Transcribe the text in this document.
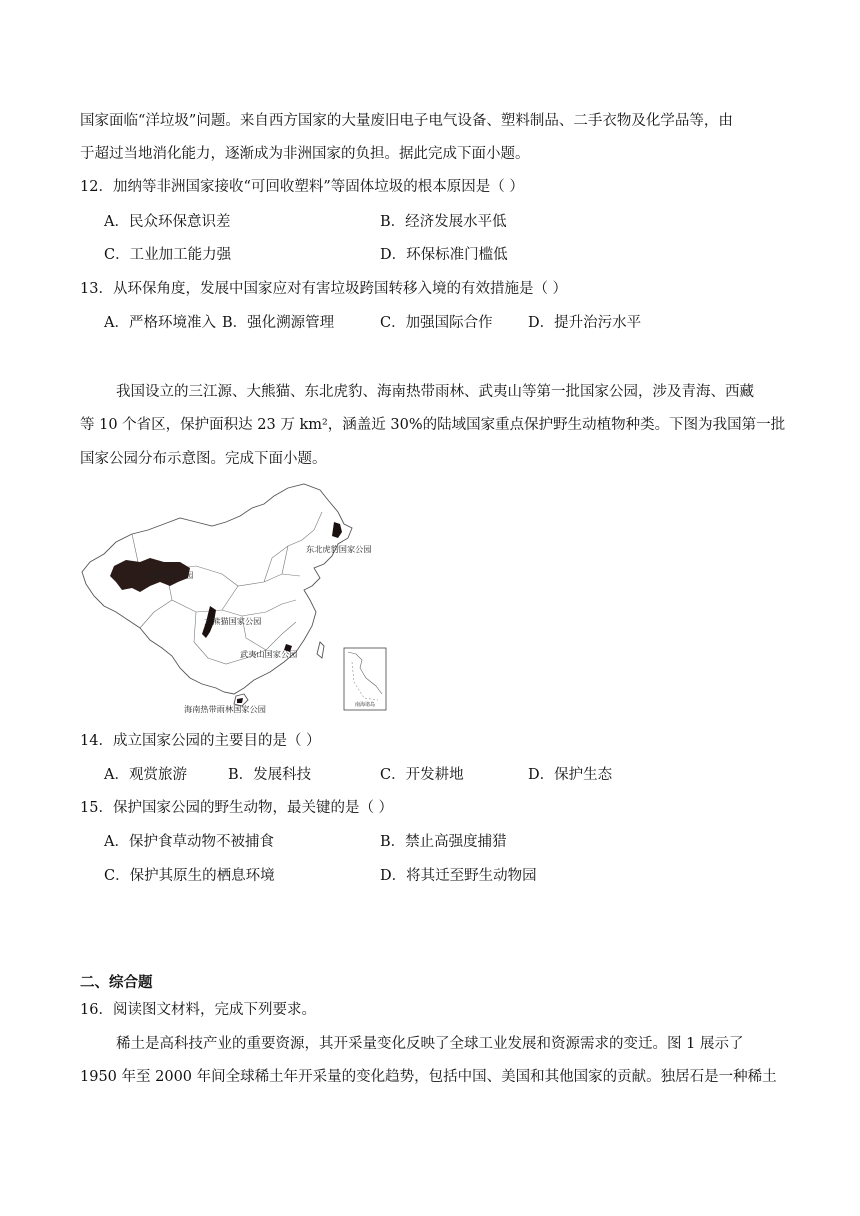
国家面临“洋垃圾”问题。来自西方国家的大量废旧电子电气设备、塑料制品、二手衣物及化学品等，由
于超过当地消化能力，逐渐成为非洲国家的负担。据此完成下面小题。
12．加纳等非洲国家接收“可回收塑料”等固体垃圾的根本原因是（ ）
A．民众环保意识差	B．经济发展水平低
C．工业加工能力强	D．环保标准门槛低
13．从环保角度，发展中国家应对有害垃圾跨国转移入境的有效措施是（ ）
A．严格环境准入 B．强化溯源管理	C．加强国际合作 D．提升治污水平
我国设立的三江源、大熊猫、东北虎豹、海南热带雨林、武夷山等第一批国家公园，涉及青海、西藏
等 10 个省区，保护面积达 23 万 km²，涵盖近 30%的陆域国家重点保护野生动植物种类。下图为我国第一批
国家公园分布示意图。完成下面小题。
东北虎豹国家公园
三江源国家公园
大熊猫国家公园
武夷山国家公园
海南热带雨林国家公园	南海诸岛
14．成立国家公园的主要目的是（ ）
A．观赏旅游	B．发展科技	C．开发耕地	D．保护生态
15．保护国家公园的野生动物，最关键的是（ ）
A．保护食草动物不被捕食	B．禁止高强度捕猎
C．保护其原生的栖息环境	D．将其迁至野生动物园
二、综合题
16．阅读图文材料，完成下列要求。
稀土是高科技产业的重要资源，其开采量变化反映了全球工业发展和资源需求的变迁。图 1 展示了
1950 年至 2000 年间全球稀土年开采量的变化趋势，包括中国、美国和其他国家的贡献。独居石是一种稀土
